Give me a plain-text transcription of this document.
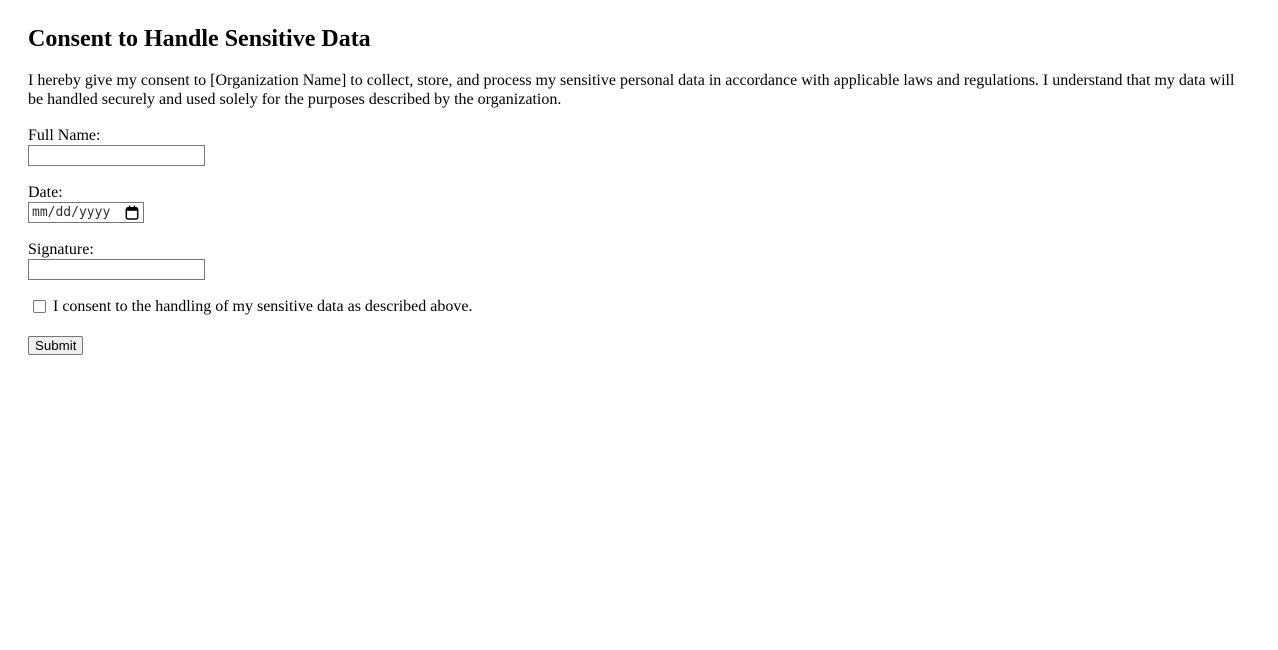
Consent to Handle Sensitive Data

I hereby give my consent to [Organization Name] to collect, store, and process my sensitive personal data in accordance with applicable laws and regulations. I understand that my data will be handled securely and used solely for the purposes described by the organization.

Full Name:
Date:
mm/dd/yyyy
Signature:
I consent to the handling of my sensitive data as described above.
Submit
